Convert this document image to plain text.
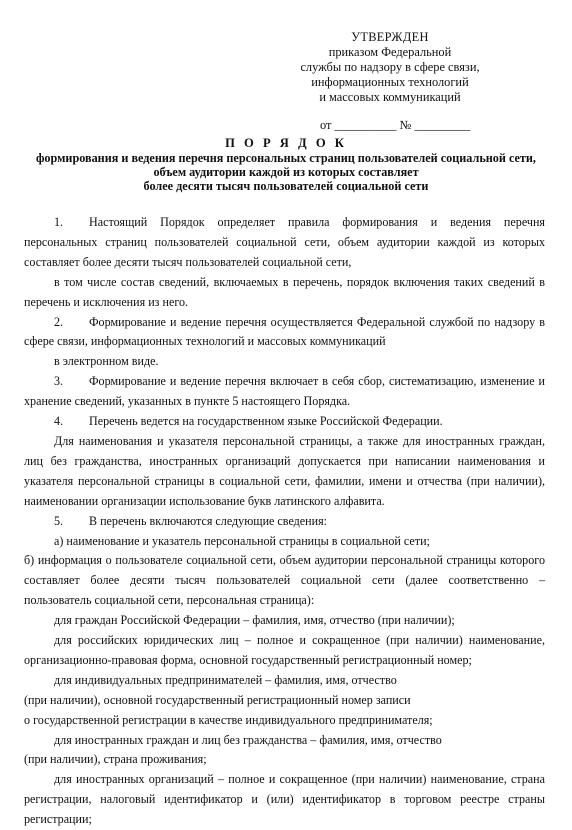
УТВЕРЖДЕН
приказом Федеральной
службы по надзору в сфере связи,
информационных технологий
и массовых коммуникаций
от __________ № _________
П О Р Я Д О К
формирования и ведения перечня персональных страниц пользователей социальной сети,
объем аудитории каждой из которых составляет
более десяти тысяч пользователей социальной сети

1. Настоящий Порядок определяет правила формирования и ведения перечня персональных страниц пользователей социальной сети, объем аудитории каждой из которых составляет более десяти тысяч пользователей социальной сети,

в том числе состав сведений, включаемых в перечень, порядок включения таких сведений в перечень и исключения из него.

2. Формирование и ведение перечня осуществляется Федеральной службой по надзору в сфере связи, информационных технологий и массовых коммуникаций

в электронном виде.

3. Формирование и ведение перечня включает в себя сбор, систематизацию, изменение и хранение сведений, указанных в пункте 5 настоящего Порядка.

4. Перечень ведется на государственном языке Российской Федерации.

Для наименования и указателя персональной страницы, а также для иностранных граждан, лиц без гражданства, иностранных организаций допускается при написании наименования и указателя персональной страницы в социальной сети, фамилии, имени и отчества (при наличии), наименовании организации использование букв латинского алфавита.

5. В перечень включаются следующие сведения:

а) наименование и указатель персональной страницы в социальной сети;

б) информация о пользователе социальной сети, объем аудитории персональной страницы которого составляет более десяти тысяч пользователей социальной сети (далее соответственно – пользователь социальной сети, персональная страница):

для граждан Российской Федерации – фамилия, имя, отчество (при наличии);

для российских юридических лиц – полное и сокращенное (при наличии) наименование, организационно-правовая форма, основной государственный регистрационный номер;

для индивидуальных предпринимателей – фамилия, имя, отчество

(при наличии), основной государственный регистрационный номер записи

о государственной регистрации в качестве индивидуального предпринимателя;

для иностранных граждан и лиц без гражданства – фамилия, имя, отчество

(при наличии), страна проживания;

для иностранных организаций – полное и сокращенное (при наличии) наименование, страна регистрации, налоговый идентификатор и (или) идентификатор в торговом реестре страны регистрации;
